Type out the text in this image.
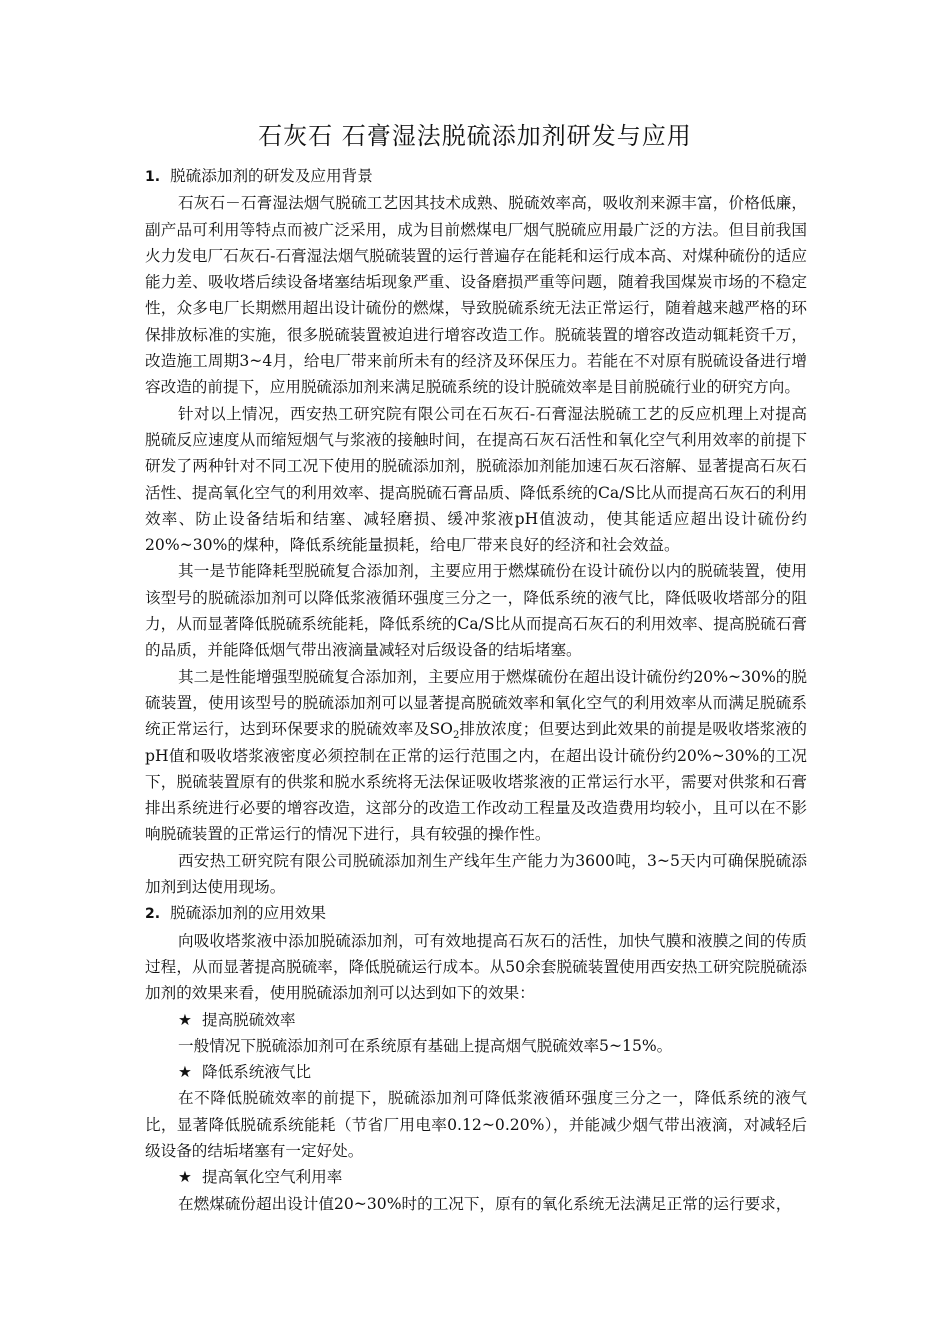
石灰石 石膏湿法脱硫添加剂研发与应用

1. 脱硫添加剂的研发及应用背景

石灰石－石膏湿法烟气脱硫工艺因其技术成熟、脱硫效率高，吸收剂来源丰富，价格低廉，副产品可利用等特点而被广泛采用，成为目前燃煤电厂烟气脱硫应用最广泛的方法。但目前我国火力发电厂石灰石-石膏湿法烟气脱硫装置的运行普遍存在能耗和运行成本高、对煤种硫份的适应能力差、吸收塔后续设备堵塞结垢现象严重、设备磨损严重等问题，随着我国煤炭市场的不稳定性，众多电厂长期燃用超出设计硫份的燃煤，导致脱硫系统无法正常运行，随着越来越严格的环保排放标准的实施，很多脱硫装置被迫进行增容改造工作。脱硫装置的增容改造动辄耗资千万，改造施工周期3~4月，给电厂带来前所未有的经济及环保压力。若能在不对原有脱硫设备进行增容改造的前提下，应用脱硫添加剂来满足脱硫系统的设计脱硫效率是目前脱硫行业的研究方向。

针对以上情况，西安热工研究院有限公司在石灰石-石膏湿法脱硫工艺的反应机理上对提高脱硫反应速度从而缩短烟气与浆液的接触时间，在提高石灰石活性和氧化空气利用效率的前提下研发了两种针对不同工况下使用的脱硫添加剂，脱硫添加剂能加速石灰石溶解、显著提高石灰石活性、提高氧化空气的利用效率、提高脱硫石膏品质、降低系统的Ca/S比从而提高石灰石的利用效率、防止设备结垢和结塞、减轻磨损、缓冲浆液pH值波动，使其能适应超出设计硫份约20%~30%的煤种，降低系统能量损耗，给电厂带来良好的经济和社会效益。

其一是节能降耗型脱硫复合添加剂，主要应用于燃煤硫份在设计硫份以内的脱硫装置，使用该型号的脱硫添加剂可以降低浆液循环强度三分之一，降低系统的液气比，降低吸收塔部分的阻力，从而显著降低脱硫系统能耗，降低系统的Ca/S比从而提高石灰石的利用效率、提高脱硫石膏的品质，并能降低烟气带出液滴量减轻对后级设备的结垢堵塞。

其二是性能增强型脱硫复合添加剂，主要应用于燃煤硫份在超出设计硫份约20%~30%的脱硫装置，使用该型号的脱硫添加剂可以显著提高脱硫效率和氧化空气的利用效率从而满足脱硫系统正常运行，达到环保要求的脱硫效率及$SO_2$排放浓度；但要达到此效果的前提是吸收塔浆液的pH值和吸收塔浆液密度必须控制在正常的运行范围之内，在超出设计硫份约20%~30%的工况下，脱硫装置原有的供浆和脱水系统将无法保证吸收塔浆液的正常运行水平，需要对供浆和石膏排出系统进行必要的增容改造，这部分的改造工作改动工程量及改造费用均较小，且可以在不影响脱硫装置的正常运行的情况下进行，具有较强的操作性。

西安热工研究院有限公司脱硫添加剂生产线年生产能力为3600吨，3~5天内可确保脱硫添加剂到达使用现场。

2. 脱硫添加剂的应用效果

向吸收塔浆液中添加脱硫添加剂，可有效地提高石灰石的活性，加快气膜和液膜之间的传质过程，从而显著提高脱硫率，降低脱硫运行成本。从50余套脱硫装置使用西安热工研究院脱硫添加剂的效果来看，使用脱硫添加剂可以达到如下的效果：

★ 提高脱硫效率

一般情况下脱硫添加剂可在系统原有基础上提高烟气脱硫效率5~15%。

★ 降低系统液气比

在不降低脱硫效率的前提下，脱硫添加剂可降低浆液循环强度三分之一，降低系统的液气比，显著降低脱硫系统能耗（节省厂用电率0.12~0.20%），并能减少烟气带出液滴，对减轻后级设备的结垢堵塞有一定好处。

★ 提高氧化空气利用率

在燃煤硫份超出设计值20~30%时的工况下，原有的氧化系统无法满足正常的运行要求，
